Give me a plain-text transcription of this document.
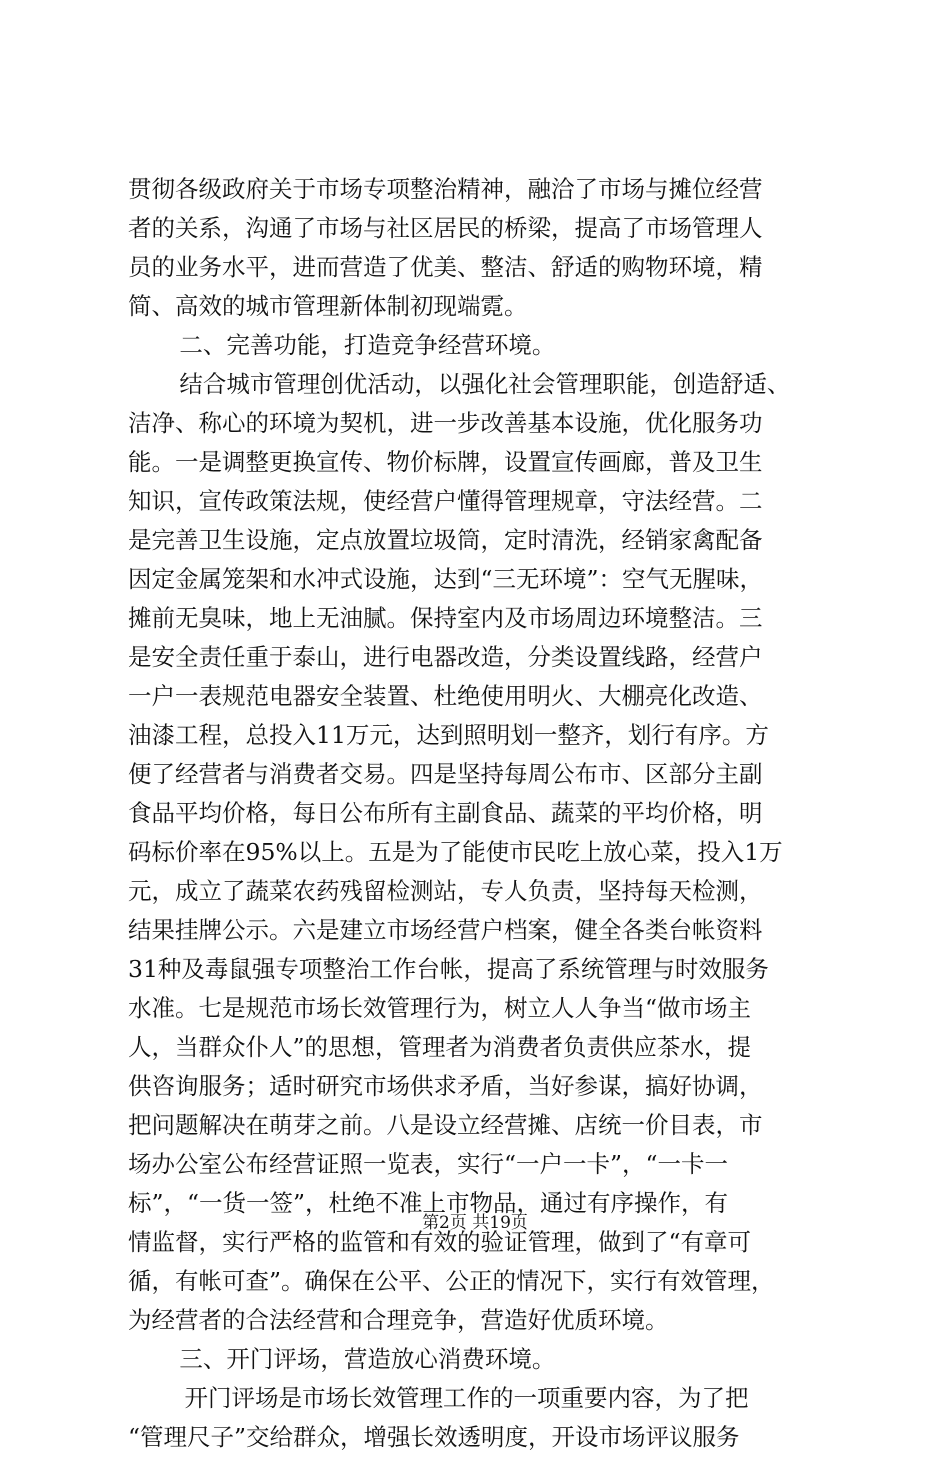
贯彻各级政府关于市场专项整治精神，融洽了市场与摊位经营
者的关系，沟通了市场与社区居民的桥梁，提高了市场管理人
员的业务水平，进而营造了优美、整洁、舒适的购物环境，精
简、高效的城市管理新体制初现端霓。
二、完善功能，打造竞争经营环境。
结合城市管理创优活动，以强化社会管理职能，创造舒适、
洁净、称心的环境为契机，进一步改善基本设施，优化服务功
能。一是调整更换宣传、物价标牌，设置宣传画廊，普及卫生
知识，宣传政策法规，使经营户懂得管理规章，守法经营。二
是完善卫生设施，定点放置垃圾筒，定时清洗，经销家禽配备
因定金属笼架和水冲式设施，达到“三无环境”：空气无腥味，
摊前无臭味，地上无油腻。保持室内及市场周边环境整洁。三
是安全责任重于泰山，进行电器改造，分类设置线路，经营户
一户一表规范电器安全装置、杜绝使用明火、大棚亮化改造、
油漆工程，总投入11万元，达到照明划一整齐，划行有序。方
便了经营者与消费者交易。四是坚持每周公布市、区部分主副
食品平均价格，每日公布所有主副食品、蔬菜的平均价格，明
码标价率在95%以上。五是为了能使市民吃上放心菜，投入1万
元，成立了蔬菜农药残留检测站，专人负责，坚持每天检测，
结果挂牌公示。六是建立市场经营户档案，健全各类台帐资料
31种及毒鼠强专项整治工作台帐，提高了系统管理与时效服务
水准。七是规范市场长效管理行为，树立人人争当“做市场主
人，当群众仆人”的思想，管理者为消费者负责供应茶水，提
供咨询服务；适时研究市场供求矛盾，当好参谋，搞好协调，
把问题解决在萌芽之前。八是设立经营摊、店统一价目表，市
场办公室公布经营证照一览表，实行“一户一卡”，“一卡一
标”，“一货一签”，杜绝不准上市物品，通过有序操作，有
情监督，实行严格的监管和有效的验证管理，做到了“有章可
循，有帐可查”。确保在公平、公正的情况下，实行有效管理，
为经营者的合法经营和合理竞争，营造好优质环境。
三、开门评场，营造放心消费环境。
开门评场是市场长效管理工作的一项重要内容，为了把
“管理尺子”交给群众，增强长效透明度，开设市场评议服务
第2页 共19页
